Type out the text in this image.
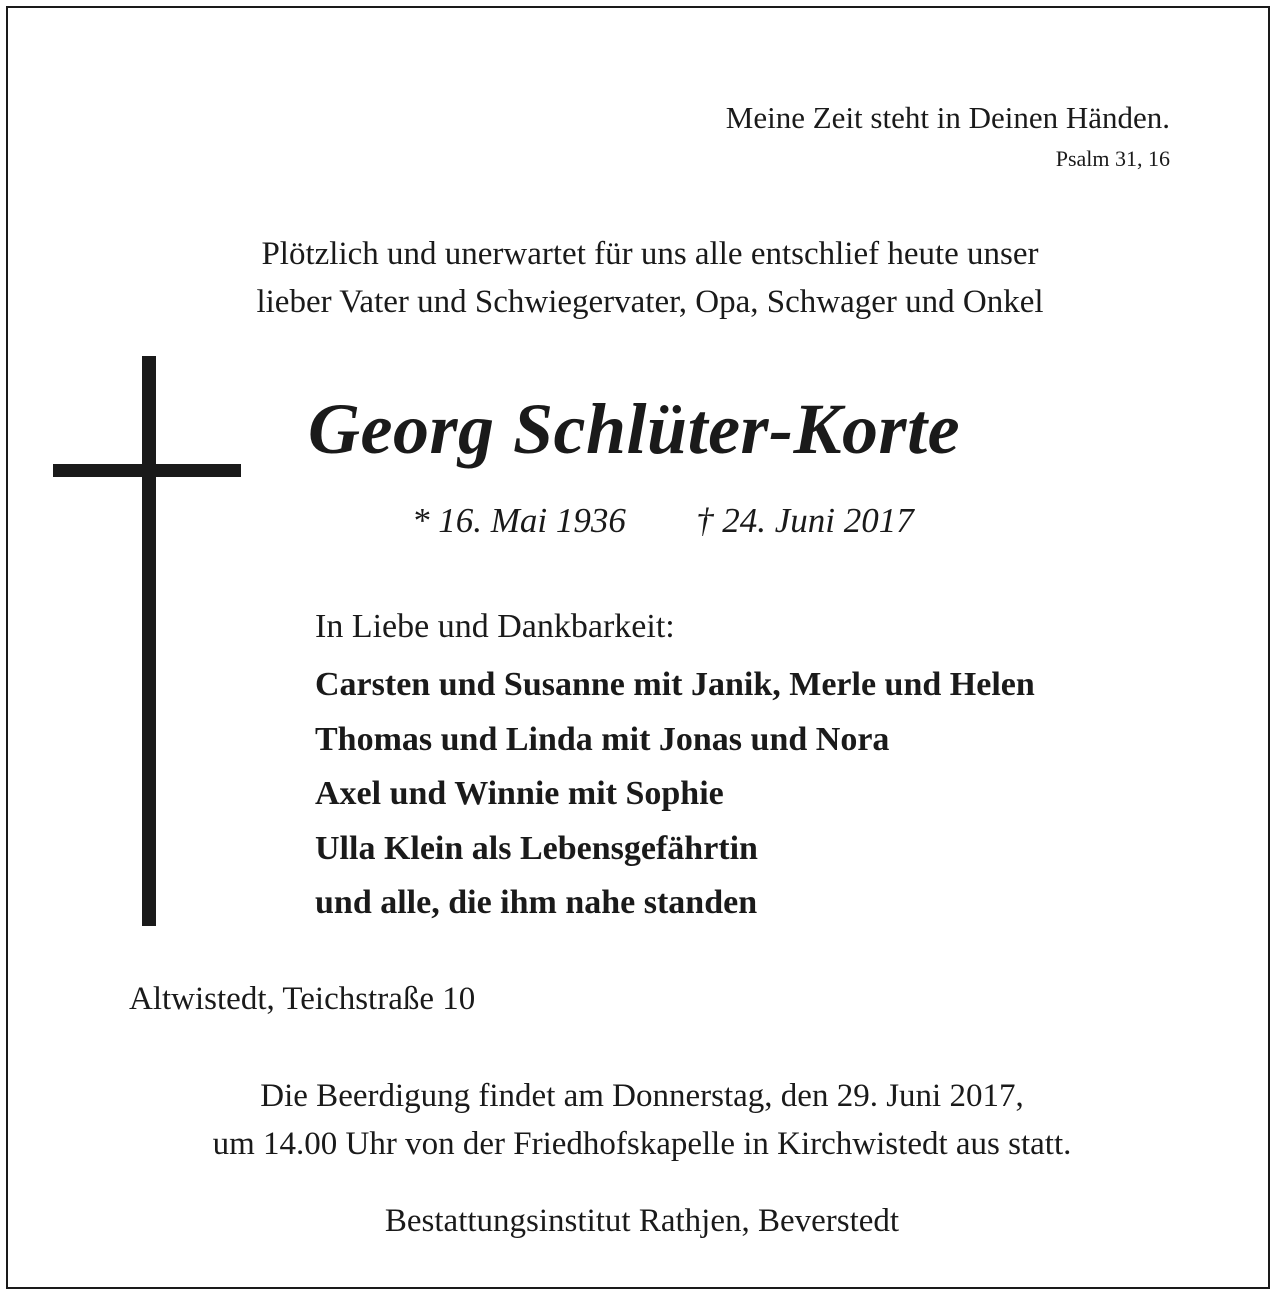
Meine Zeit steht in Deinen Händen.
Psalm 31, 16
Plötzlich und unerwartet für uns alle entschlief heute unser
lieber Vater und Schwiegervater, Opa, Schwager und Onkel
Georg Schlüter-Korte
* 16. Mai 1936 † 24. Juni 2017
In Liebe und Dankbarkeit:
Carsten und Susanne mit Janik, Merle und Helen
Thomas und Linda mit Jonas und Nora
Axel und Winnie mit Sophie
Ulla Klein als Lebensgefährtin
und alle, die ihm nahe standen
Altwistedt, Teichstraße 10
Die Beerdigung findet am Donnerstag, den 29. Juni 2017,
um 14.00 Uhr von der Friedhofskapelle in Kirchwistedt aus statt.
Bestattungsinstitut Rathjen, Beverstedt
